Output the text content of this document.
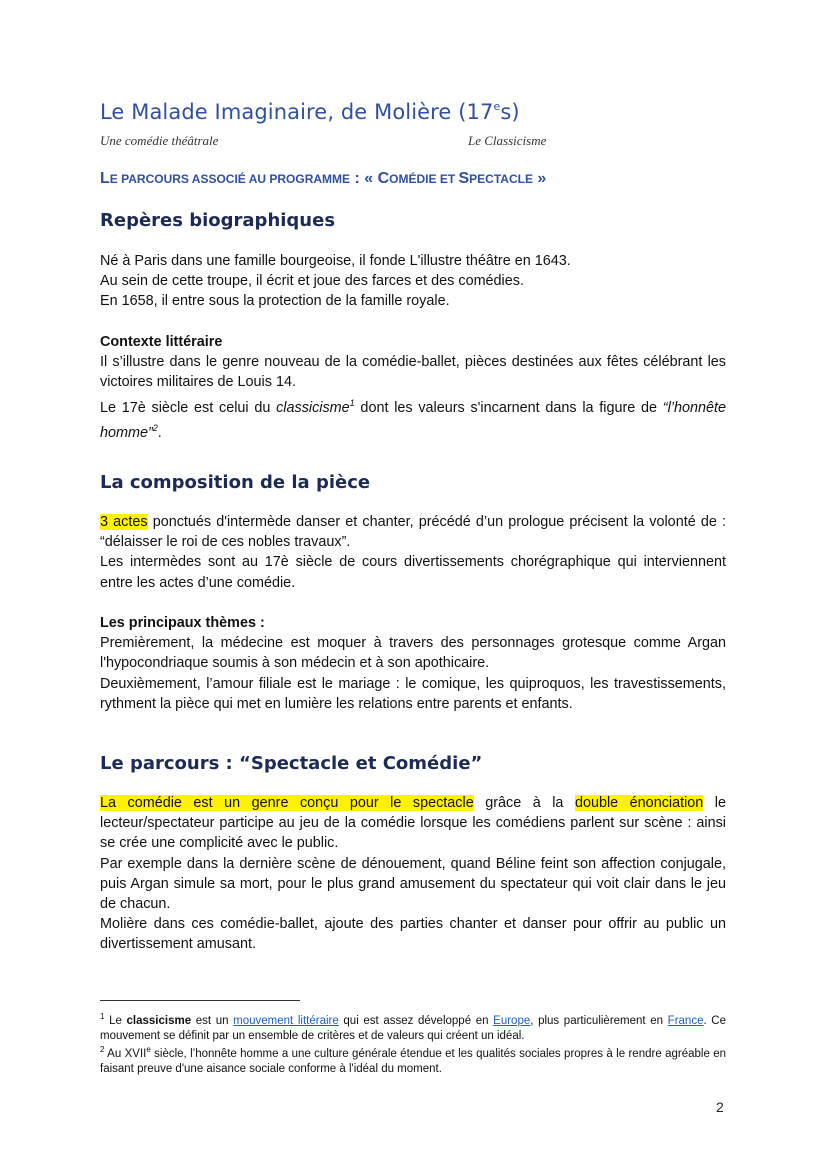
Le Malade Imaginaire, de Molière (17es)
Une comédie théâtrale	Le Classicisme
LE PARCOURS ASSOCIÉ AU PROGRAMME : « COMÉDIE ET SPECTACLE »
Repères biographiques

Né à Paris dans une famille bourgeoise, il fonde L'illustre théâtre en 1643.

Au sein de cette troupe, il écrit et joue des farces et des comédies.

En 1658, il entre sous la protection de la famille royale.

Contexte littéraire

Il s’illustre dans le genre nouveau de la comédie-ballet, pièces destinées aux fêtes célébrant les victoires militaires de Louis 14.

Le 17è siècle est celui du classicisme$^1$ dont les valeurs s'incarnent dans la figure de “l’honnête homme”$^2$.

La composition de la pièce

3 actes ponctués d'intermède danser et chanter, précédé d’un prologue précisent la volonté de : “délaisser le roi de ces nobles travaux”.

Les intermèdes sont au 17è siècle de cours divertissements chorégraphique qui interviennent entre les actes d’une comédie.

Les principaux thèmes :

Premièrement, la médecine est moquer à travers des personnages grotesque comme Argan l'hypocondriaque soumis à son médecin et à son apothicaire.

Deuxièmement, l’amour filiale est le mariage : le comique, les quiproquos, les travestissements, rythment la pièce qui met en lumière les relations entre parents et enfants.

Le parcours : “Spectacle et Comédie”

La comédie est un genre conçu pour le spectacle grâce à la double énonciation le lecteur/spectateur participe au jeu de la comédie lorsque les comédiens parlent sur scène : ainsi se crée une complicité avec le public.

Par exemple dans la dernière scène de dénouement, quand Béline feint son affection conjugale, puis Argan simule sa mort, pour le plus grand amusement du spectateur qui voit clair dans le jeu de chacun.

Molière dans ces comédie-ballet, ajoute des parties chanter et danser pour offrir au public un divertissement amusant.

$^1$ Le classicisme est un mouvement littéraire qui est assez développé en Europe, plus particulièrement en France. Ce mouvement se définit par un ensemble de critères et de valeurs qui créent un idéal.

$^2$ Au XVIIe siècle, l’honnête homme a une culture générale étendue et les qualités sociales propres à le rendre agréable en faisant preuve d'une aisance sociale conforme à l'idéal du moment.

2
